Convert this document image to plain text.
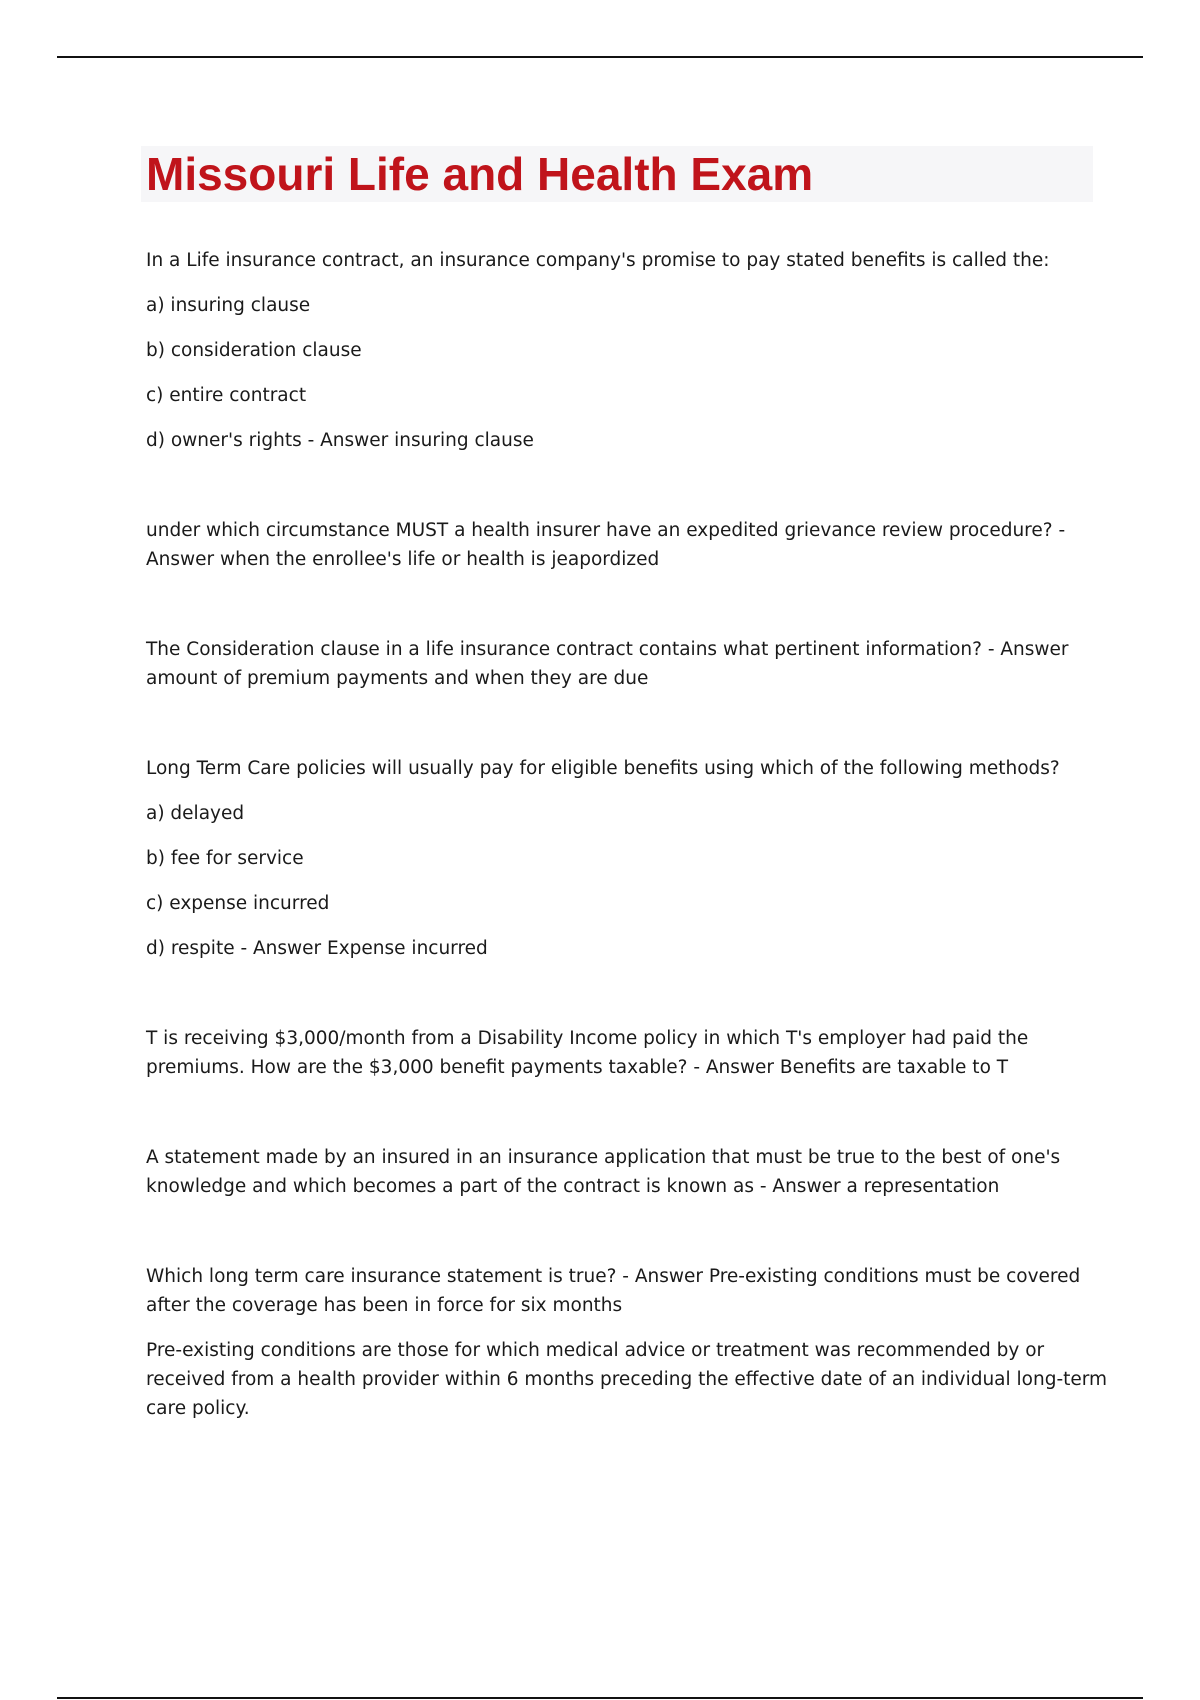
Missouri Life and Health Exam

In a Life insurance contract, an insurance company's promise to pay stated benefits is called the:

a) insuring clause

b) consideration clause

c) entire contract

d) owner's rights - Answer insuring clause

under which circumstance MUST a health insurer have an expedited grievance review procedure? -

Answer when the enrollee's life or health is jeapordized

The Consideration clause in a life insurance contract contains what pertinent information? - Answer

amount of premium payments and when they are due

Long Term Care policies will usually pay for eligible benefits using which of the following methods?

a) delayed

b) fee for service

c) expense incurred

d) respite - Answer Expense incurred

T is receiving $3,000/month from a Disability Income policy in which T's employer had paid the

premiums. How are the $3,000 benefit payments taxable? - Answer Benefits are taxable to T

A statement made by an insured in an insurance application that must be true to the best of one's

knowledge and which becomes a part of the contract is known as - Answer a representation

Which long term care insurance statement is true? - Answer Pre-existing conditions must be covered

after the coverage has been in force for six months

Pre-existing conditions are those for which medical advice or treatment was recommended by or

received from a health provider within 6 months preceding the effective date of an individual long-term

care policy.
